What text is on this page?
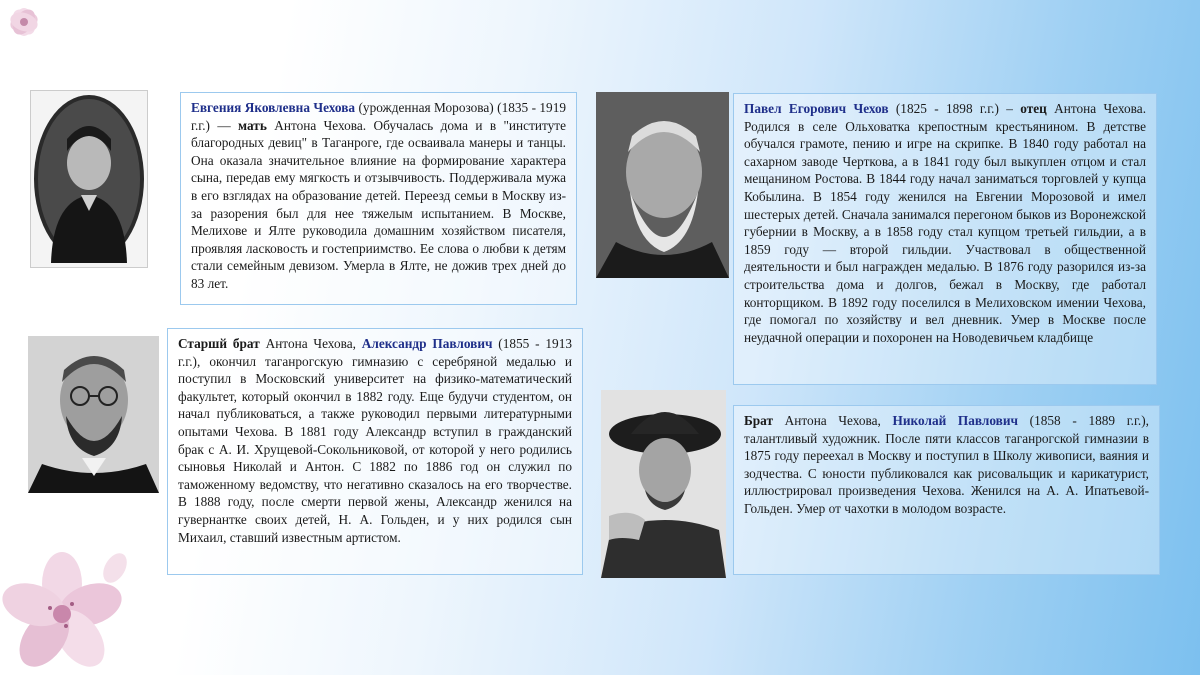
Евгения Яковлевна Чехова (урожденная Морозова) (1835 - 1919 г.г.) — мать Антона Чехова. Обучалась дома и в "институте благородных девиц" в Таганроге, где осваивала манеры и танцы. Она оказала значительное влияние на формирование характера сына, передав ему мягкость и отзывчивость. Поддерживала мужа в его взглядах на образование детей. Переезд семьи в Москву из-за разорения был для нее тяжелым испытанием. В Москве, Мелихове и Ялте руководила домашним хозяйством писателя, проявляя ласковость и гостеприимство. Ее слова о любви к детям стали семейным девизом. Умерла в Ялте, не дожив трех дней до 83 лет.
Павел Егорович Чехов (1825 - 1898 г.г.) – отец Антона Чехова. Родился в селе Ольховатка крепостным крестьянином. В детстве обучался грамоте, пению и игре на скрипке. В 1840 году работал на сахарном заводе Черткова, а в 1841 году был выкуплен отцом и стал мещанином Ростова. В 1844 году начал заниматься торговлей у купца Кобылина. В 1854 году женился на Евгении Морозовой и имел шестерых детей. Сначала занимался перегоном быков из Воронежской губернии в Москву, а в 1858 году стал купцом третьей гильдии, а в 1859 году — второй гильдии. Участвовал в общественной деятельности и был награжден медалью. В 1876 году разорился из-за строительства дома и долгов, бежал в Москву, где работал конторщиком. В 1892 году поселился в Мелиховском имении Чехова, где помогал по хозяйству и вел дневник. Умер в Москве после неудачной операции и похоронен на Новодевичьем кладбище
Старшй брат Антона Чехова, Александр Павлович (1855 - 1913 г.г.), окончил таганрогскую гимназию с серебряной медалью и поступил в Московский университет на физико-математический факультет, который окончил в 1882 году. Еще будучи студентом, он начал публиковаться, а также руководил первыми литературными опытами Чехова. В 1881 году Александр вступил в гражданский брак с А. И. Хрущевой-Сокольниковой, от которой у него родились сыновья Николай и Антон. С 1882 по 1886 год он служил по таможенному ведомству, что негативно сказалось на его творчестве. В 1888 году, после смерти первой жены, Александр женился на гувернантке своих детей, Н. А. Гольден, и у них родился сын Михаил, ставший известным артистом.
Брат Антона Чехова, Николай Павлович (1858 - 1889 г.г.), талантливый художник. После пяти классов таганрогской гимназии в 1875 году переехал в Москву и поступил в Школу живописи, ваяния и зодчества. С юности публиковался как рисовальщик и карикатурист, иллюстрировал произведения Чехова. Женился на А. А. Ипатьевой-Гольден. Умер от чахотки в молодом возрасте.
